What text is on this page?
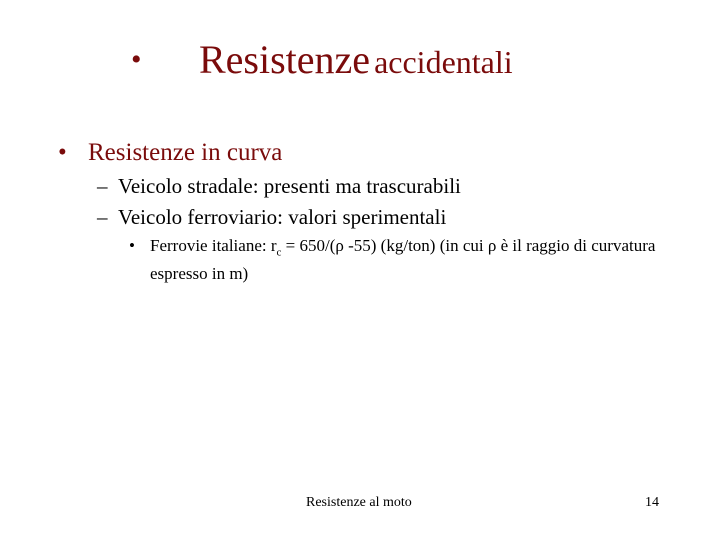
• Resistenze accidentali
• Resistenze in curva
– Veicolo stradale: presenti ma trascurabili
– Veicolo ferroviario: valori sperimentali
• Ferrovie italiane: $r_c = 650/(\rho$ -55) (kg/ton) (in cui ρ è il raggio di curvatura espresso in m)
Resistenze al moto	14
